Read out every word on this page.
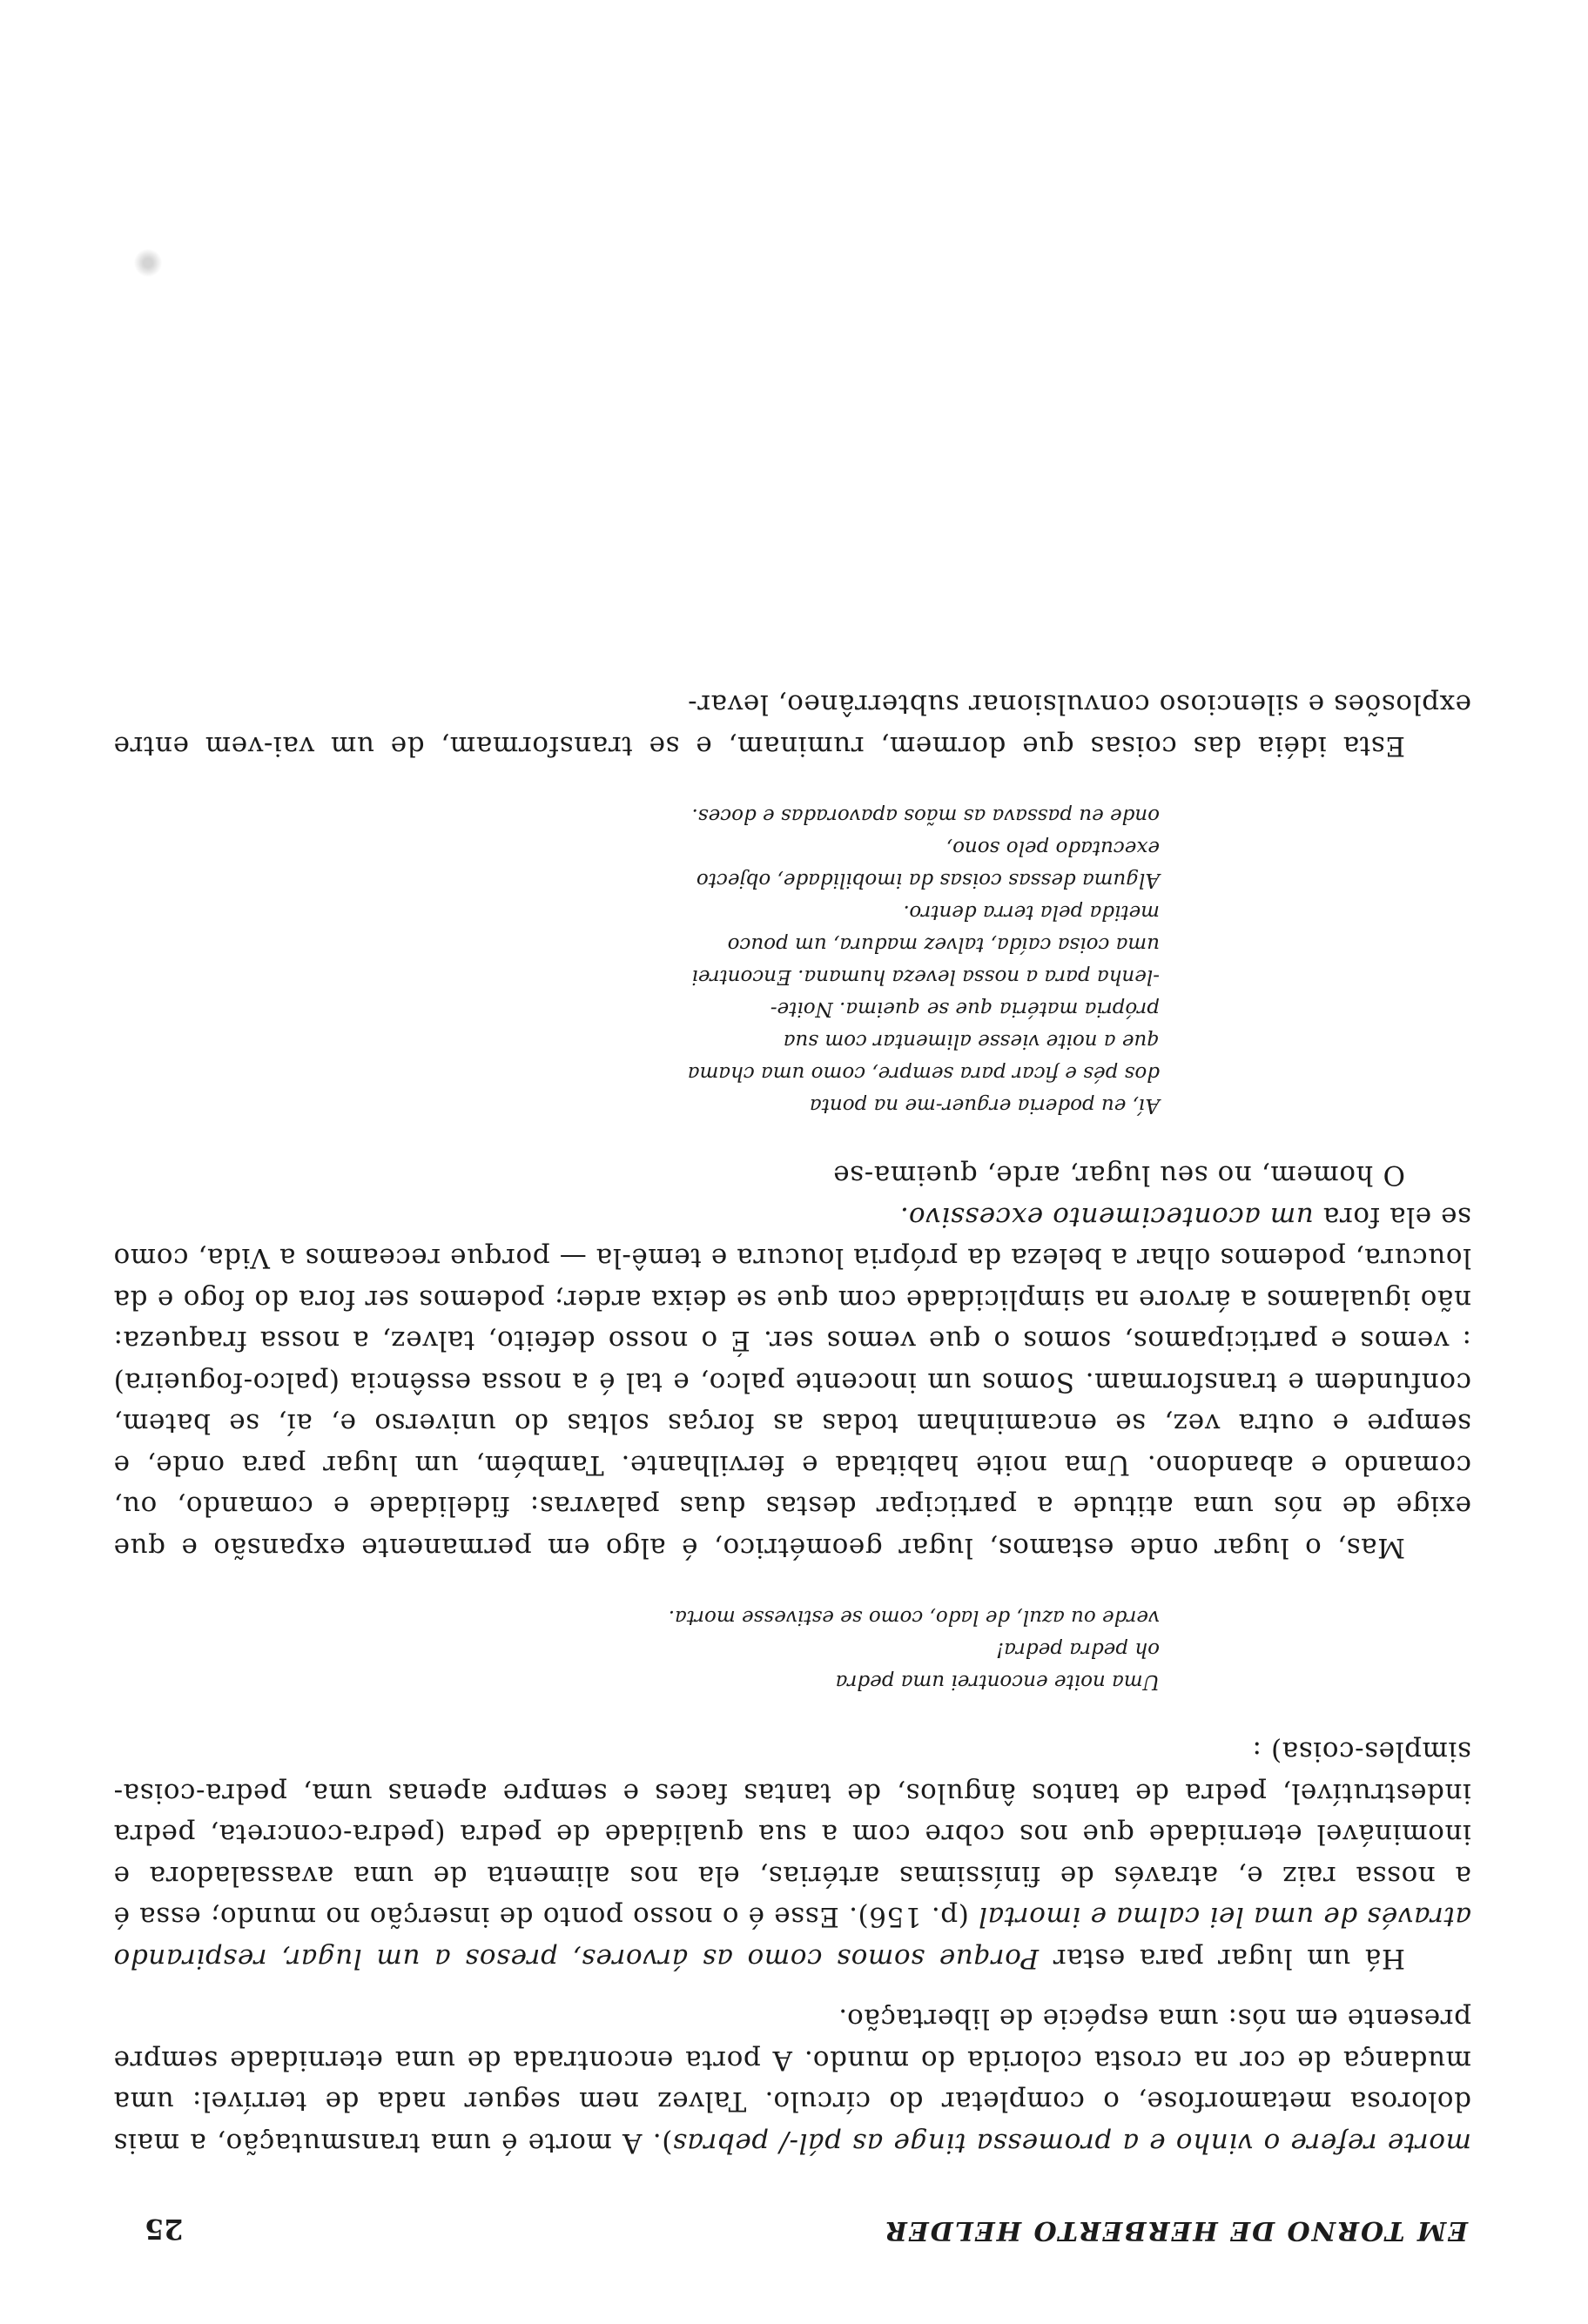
EM TORNO DE HERBERTO HELDER
25

morte refere o vinho e a promessa tinge as pál-/ pebras). A morte é uma transmutação, a mais dolorosa metamorfose, o completar do círculo. Talvez nem seguer nada de terrível: uma mudança de cor na crosta colorida do mundo. A porta encontrada de uma eternidade sempre presente em nós: uma espécie de libertação.

Há um lugar para estar Porque somos como as árvores, presos a um lugar, respirando através de uma lei calma e imortal (p. 156). Esse é o nosso ponto de inserção no mundo; essa é a nossa raiz e, através de finíssimas artérias, ela nos alimenta de uma avassaladora e inominável eternidade que nos cobre com a sua qualidade de pedra (pedra-concreta, pedra indestrutível, pedra de tantos ângulos, de tantas faces e sempre apenas uma, pedra-coisa-simples-coisa) :

Uma noite encontrei uma pedra
oh pedra pedra!
verde ou azul, de lado, como se estivesse morta.

Mas, o lugar onde estamos, lugar geométrico, é algo em permanente expansão e que exige de nós uma atitude a participar destas duas palavras: fidelidade e comando, ou, comando e abandono. Uma noite habitada e fervilhante. Também, um lugar para onde, e sempre e outra vez, se encaminham todas as forças soltas do universo e, aí, se batem, confundem e transformam. Somos um inocente palco, e tal é a nossa essência (palco-fogueira) : vemos e participamos, somos o que vemos ser. É o nosso defeito, talvez, a nossa fraqueza: não igualamos a árvore na simplicidade com que se deixa arder; podemos ser fora do fogo e da loucura, podemos olhar a beleza da própria loucura e temê-la — porque receamos a Vida, como se ela fora um acontecimento excessivo.

O homem, no seu lugar, arde, queima-se

Aí, eu poderia erguer-me na ponta
dos pés e ficar para sempre, como uma chama
que a noite viesse alimentar com sua
própria matéria que se queima. Noite-
-lenha para a nossa leveza humana. Encontrei
uma coisa caída, talvez madura, um pouco
metida pela terra dentro.
Alguma dessas coisas da imobilidade, objecto
executado pelo sono,
onde eu passava as mãos apavoradas e doces.

Esta idéia das coisas que dormem, ruminam, e se transformam, de um vai-vem entre explosões e silencioso convulsionar subterrâneo, levar-
